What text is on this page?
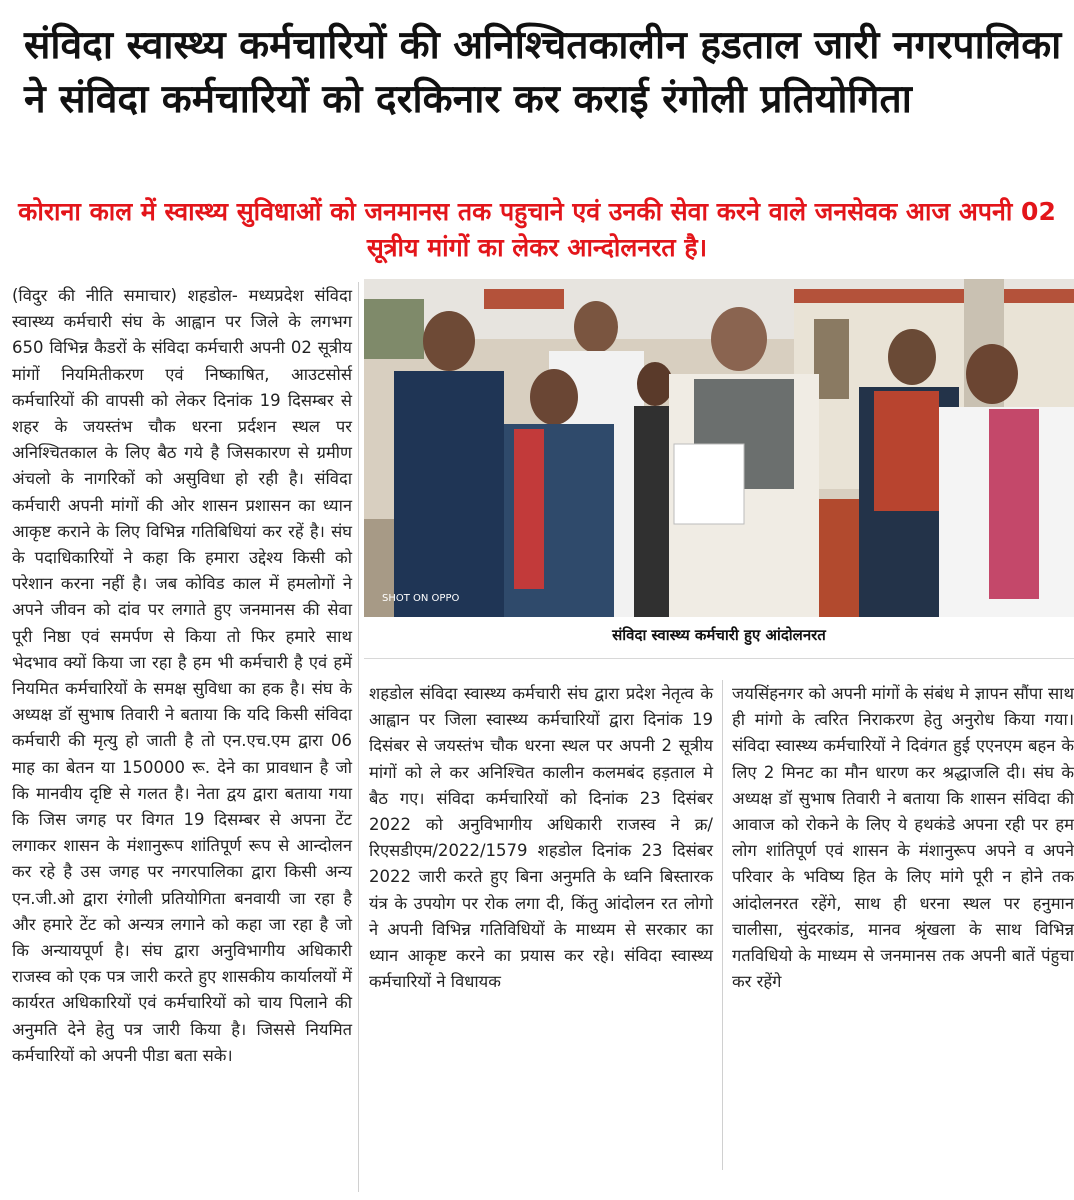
संविदा स्वास्थ्य कर्मचारियों की अनिश्चितकालीन हडताल जारी नगरपालिका ने संविदा कर्मचारियों को दरकिनार कर कराई रंगोली प्रतियोगिता
कोराना काल में स्वास्थ्य सुविधाओं को जनमानस तक पहुचाने एवं उनकी सेवा करने वाले जनसेवक आज अपनी 02 सूत्रीय मांगों का लेकर आन्दोलनरत है।
(विदुर की नीति समाचार) शहडोल- मध्यप्रदेश संविदा स्वास्थ्य कर्मचारी संघ के आह्वान पर जिले के लगभग 650 विभिन्न कैडरों के संविदा कर्मचारी अपनी 02 सूत्रीय मांगों नियमितीकरण एवं निष्काषित, आउटसोर्स कर्मचारियों की वापसी को लेकर दिनांक 19 दिसम्बर से शहर के जयस्तंभ चौक धरना प्रर्दशन स्थल पर अनिश्चितकाल के लिए बैठ गये है जिसकारण से ग्रमीण अंचलो के नागरिकों को असुविधा हो रही है। संविदा कर्मचारी अपनी मांगों की ओर शासन प्रशासन का ध्यान आकृष्ट कराने के लिए विभिन्न गतिबिधियां कर रहें है। संघ के पदाधिकारियों ने कहा कि हमारा उद्देश्य किसी को परेशान करना नहीं है। जब कोविड काल में हमलोगों ने अपने जीवन को दांव पर लगाते हुए जनमानस की सेवा पूरी निष्ठा एवं समर्पण से किया तो फिर हमारे साथ भेदभाव क्यों किया जा रहा है हम भी कर्मचारी है एवं हमें नियमित कर्मचारियों के समक्ष सुविधा का हक है। संघ के अध्यक्ष डॉ सुभाष तिवारी ने बताया कि यदि किसी संविदा कर्मचारी की मृत्यु हो जाती है तो एन.एच.एम द्वारा 06 माह का बेतन या 150000 रू. देने का प्रावधान है जो कि मानवीय दृष्टि से गलत है। नेता द्वय द्वारा बताया गया कि जिस जगह पर विगत 19 दिसम्बर से अपना टेंट लगाकर शासन के मंशानुरूप शांतिपूर्ण रूप से आन्दोलन कर रहे है उस जगह पर नगरपालिका द्वारा किसी अन्य एन.जी.ओ द्वारा रंगोली प्रतियोगिता बनवायी जा रहा है और हमारे टेंट को अन्यत्र लगाने को कहा जा रहा है जो कि अन्यायपूर्ण है। संघ द्वारा अनुविभागीय अधिकारी राजस्व को एक पत्र जारी करते हुए शासकीय कार्यालयों में कार्यरत अधिकारियों एवं कर्मचारियों को चाय पिलाने की अनुमति देने हेतु पत्र जारी किया है। जिससे नियमित कर्मचारियों को अपनी पीडा बता सके।
SHOT ON OPPO
संविदा स्वास्थ्य कर्मचारी हुए आंदोलनरत
शहडोल संविदा स्वास्थ्य कर्मचारी संघ द्वारा प्रदेश नेतृत्व के आह्वान पर जिला स्वास्थ्य कर्मचारियों द्वारा दिनांक 19 दिसंबर से जयस्तंभ चौक धरना स्थल पर अपनी 2 सूत्रीय मांगों को ले कर अनिश्चित कालीन कलमबंद हड़ताल मे बैठ गए। संविदा कर्मचारियों को दिनांक 23 दिसंबर 2022 को अनुविभागीय अधिकारी राजस्व ने क्र/ रिएसडीएम/2022/1579 शहडोल दिनांक 23 दिसंबर 2022 जारी करते हुए बिना अनुमति के ध्वनि बिस्तारक यंत्र के उपयोग पर रोक लगा दी, किंतु आंदोलन रत लोगो ने अपनी विभिन्न गतिविधियों के माध्यम से सरकार का ध्यान आकृष्ट करने का प्रयास कर रहे। संविदा स्वास्थ्य कर्मचारियों ने विधायक
जयसिंहनगर को अपनी मांगों के संबंध मे ज्ञापन सौंपा साथ ही मांगो के त्वरित निराकरण हेतु अनुरोध किया गया। संविदा स्वास्थ्य कर्मचारियों ने दिवंगत हुई एएनएम बहन के लिए 2 मिनट का मौन धारण कर श्रद्धाजलि दी। संघ के अध्यक्ष डॉ सुभाष तिवारी ने बताया कि शासन संविदा की आवाज को रोकने के लिए ये हथकंडे अपना रही पर हम लोग शांतिपूर्ण एवं शासन के मंशानुरूप अपने व अपने परिवार के भविष्य हित के लिए मांगे पूरी न होने तक आंदोलनरत रहेंगे, साथ ही धरना स्थल पर हनुमान चालीसा, सुंदरकांड, मानव श्रृंखला के साथ विभिन्न गतविधियो के माध्यम से जनमानस तक अपनी बातें पंहुचा कर रहेंगे
